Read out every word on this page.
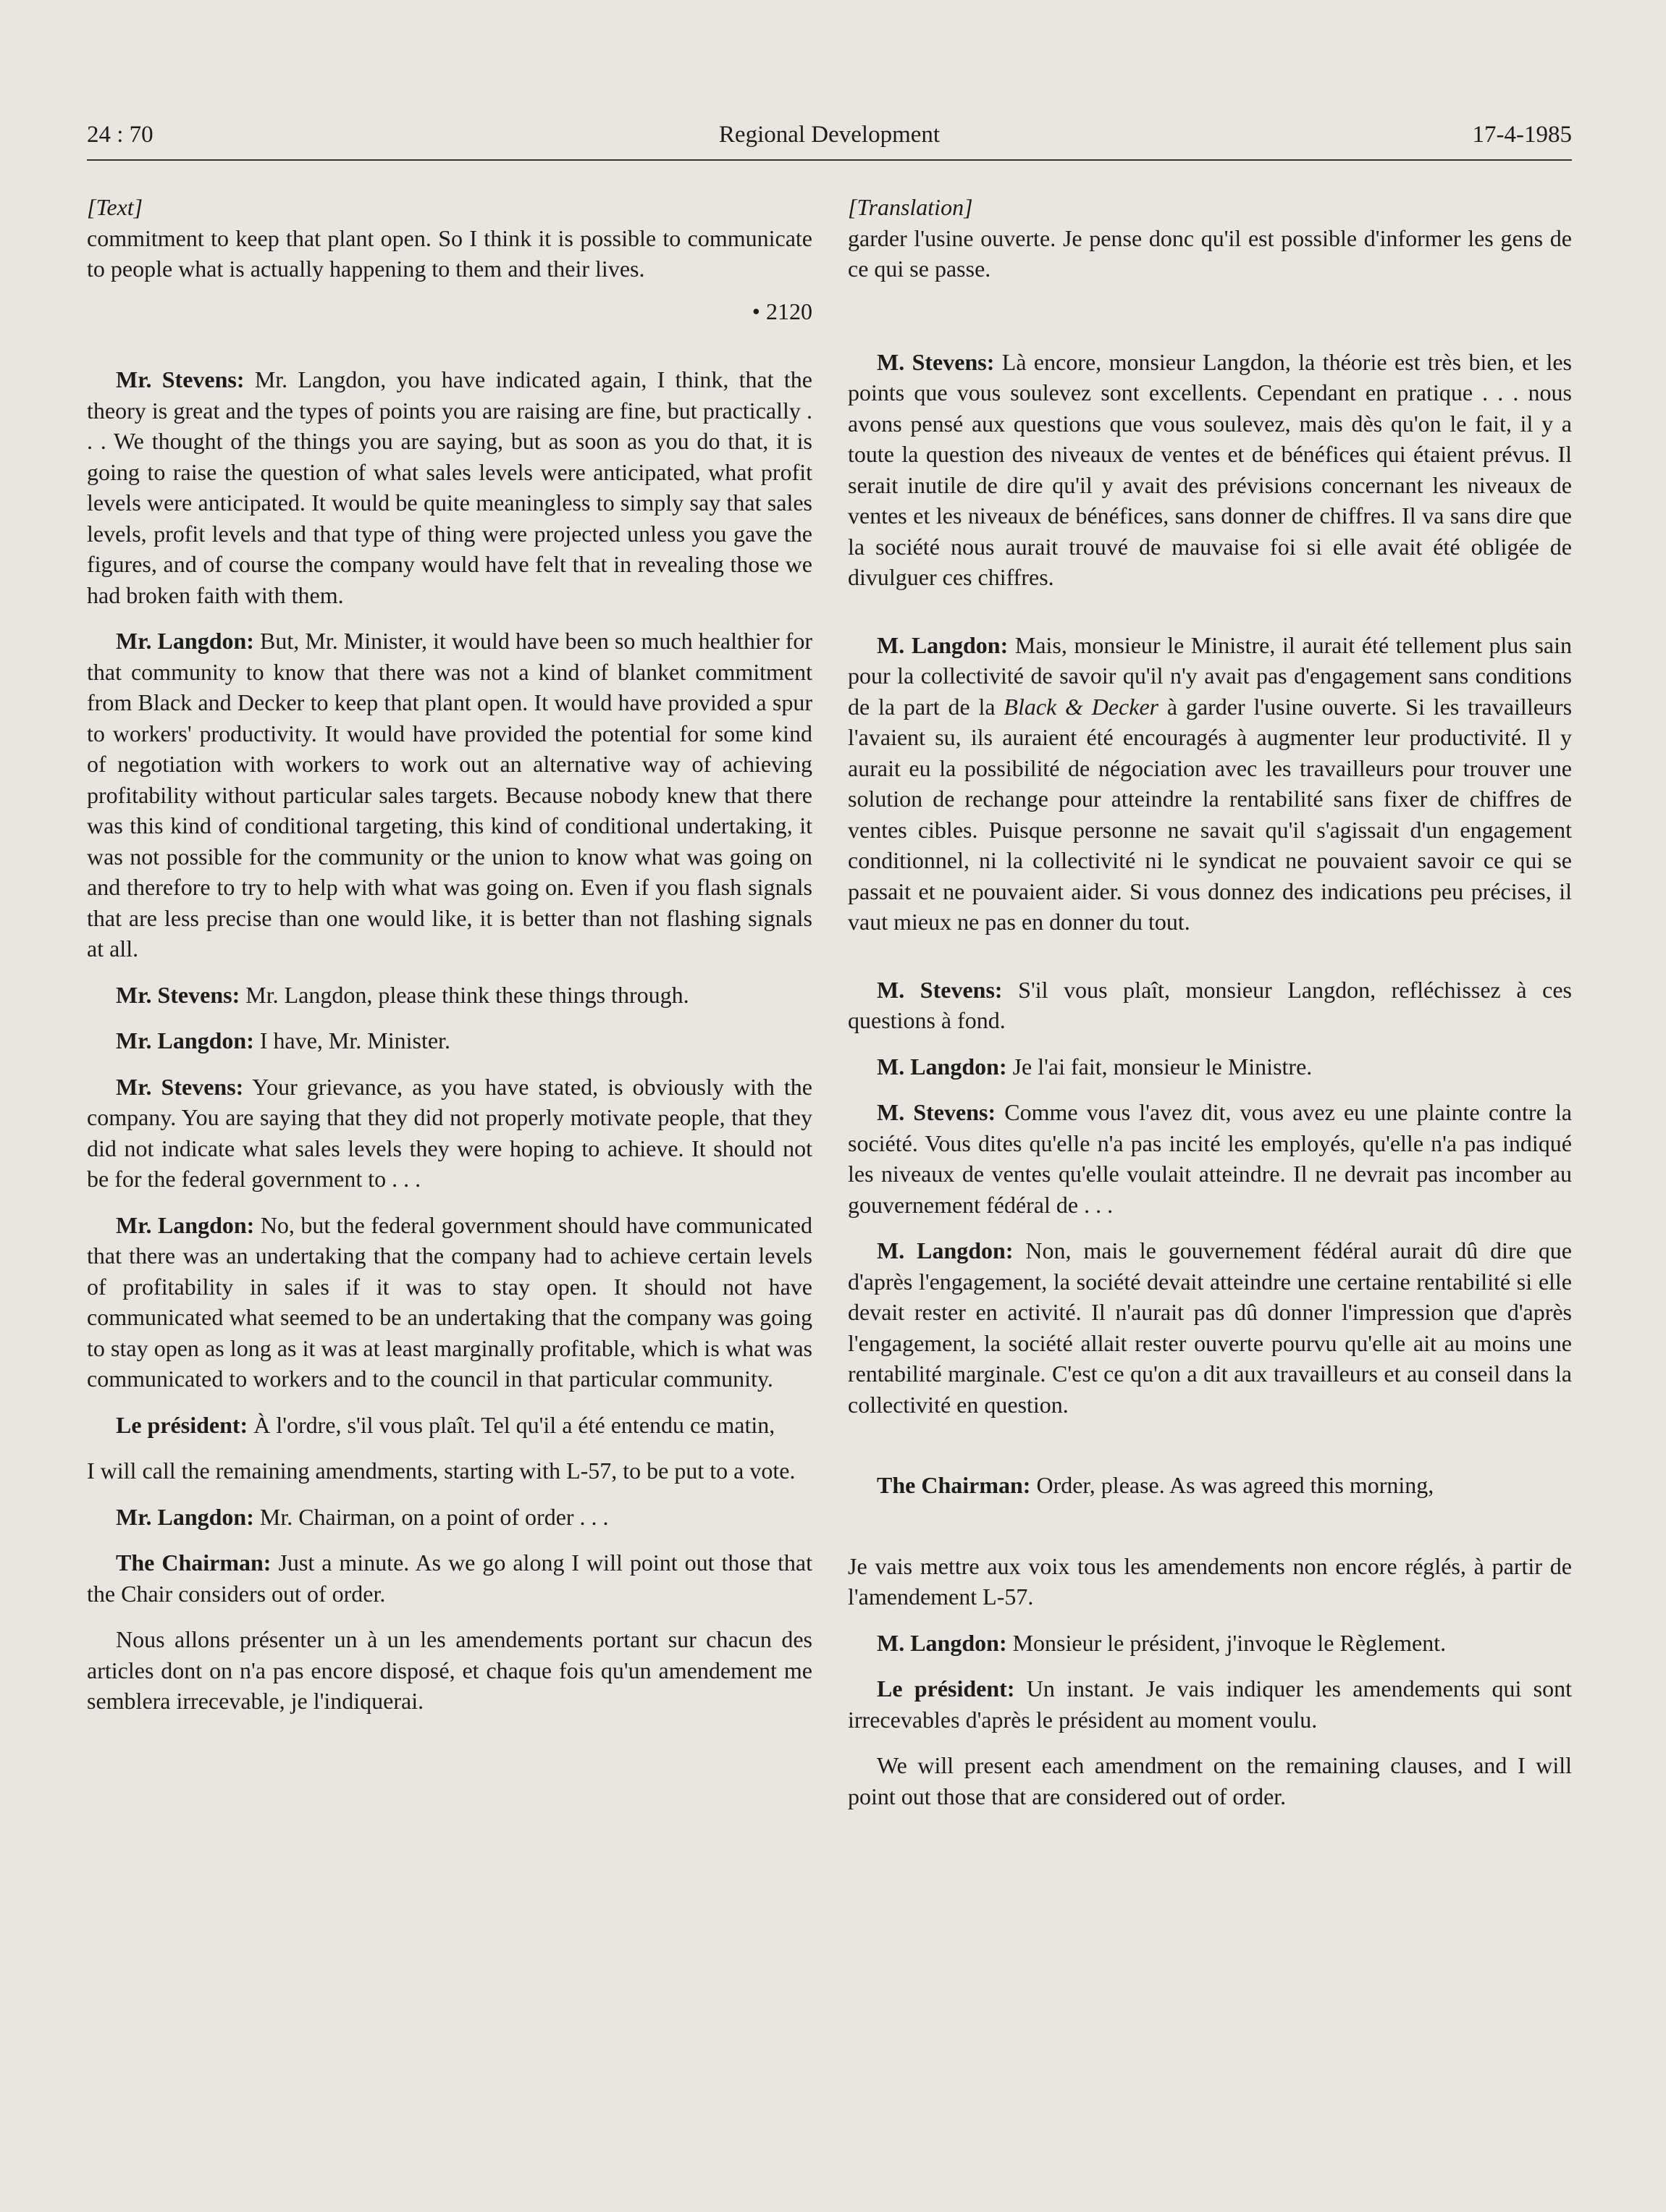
24 : 70	Regional Development	17-4-1985
[Text]

commitment to keep that plant open. So I think it is possible to communicate to people what is actually happening to them and their lives.

• 2120

Mr. Stevens: Mr. Langdon, you have indicated again, I think, that the theory is great and the types of points you are raising are fine, but practically . . . We thought of the things you are saying, but as soon as you do that, it is going to raise the question of what sales levels were anticipated, what profit levels were anticipated. It would be quite meaningless to simply say that sales levels, profit levels and that type of thing were projected unless you gave the figures, and of course the company would have felt that in revealing those we had broken faith with them.

Mr. Langdon: But, Mr. Minister, it would have been so much healthier for that community to know that there was not a kind of blanket commitment from Black and Decker to keep that plant open. It would have provided a spur to workers' productivity. It would have provided the potential for some kind of negotiation with workers to work out an alternative way of achieving profitability without particular sales targets. Because nobody knew that there was this kind of conditional targeting, this kind of conditional undertaking, it was not possible for the community or the union to know what was going on and therefore to try to help with what was going on. Even if you flash signals that are less precise than one would like, it is better than not flashing signals at all.

Mr. Stevens: Mr. Langdon, please think these things through.

Mr. Langdon: I have, Mr. Minister.

Mr. Stevens: Your grievance, as you have stated, is obviously with the company. You are saying that they did not properly motivate people, that they did not indicate what sales levels they were hoping to achieve. It should not be for the federal government to . . .

Mr. Langdon: No, but the federal government should have communicated that there was an undertaking that the company had to achieve certain levels of profitability in sales if it was to stay open. It should not have communicated what seemed to be an undertaking that the company was going to stay open as long as it was at least marginally profitable, which is what was communicated to workers and to the council in that particular community.

Le président: À l'ordre, s'il vous plaît. Tel qu'il a été entendu ce matin,

I will call the remaining amendments, starting with L-57, to be put to a vote.

Mr. Langdon: Mr. Chairman, on a point of order . . .

The Chairman: Just a minute. As we go along I will point out those that the Chair considers out of order.

Nous allons présenter un à un les amendements portant sur chacun des articles dont on n'a pas encore disposé, et chaque fois qu'un amendement me semblera irrecevable, je l'indiquerai.

[Translation]

garder l'usine ouverte. Je pense donc qu'il est possible d'informer les gens de ce qui se passe.

M. Stevens: Là encore, monsieur Langdon, la théorie est très bien, et les points que vous soulevez sont excellents. Cependant en pratique . . . nous avons pensé aux questions que vous soulevez, mais dès qu'on le fait, il y a toute la question des niveaux de ventes et de bénéfices qui étaient prévus. Il serait inutile de dire qu'il y avait des prévisions concernant les niveaux de ventes et les niveaux de bénéfices, sans donner de chiffres. Il va sans dire que la société nous aurait trouvé de mauvaise foi si elle avait été obligée de divulguer ces chiffres.

M. Langdon: Mais, monsieur le Ministre, il aurait été tellement plus sain pour la collectivité de savoir qu'il n'y avait pas d'engagement sans conditions de la part de la Black & Decker à garder l'usine ouverte. Si les travailleurs l'avaient su, ils auraient été encouragés à augmenter leur productivité. Il y aurait eu la possibilité de négociation avec les travailleurs pour trouver une solution de rechange pour atteindre la rentabilité sans fixer de chiffres de ventes cibles. Puisque personne ne savait qu'il s'agissait d'un engagement conditionnel, ni la collectivité ni le syndicat ne pouvaient savoir ce qui se passait et ne pouvaient aider. Si vous donnez des indications peu précises, il vaut mieux ne pas en donner du tout.

M. Stevens: S'il vous plaît, monsieur Langdon, refléchissez à ces questions à fond.

M. Langdon: Je l'ai fait, monsieur le Ministre.

M. Stevens: Comme vous l'avez dit, vous avez eu une plainte contre la société. Vous dites qu'elle n'a pas incité les employés, qu'elle n'a pas indiqué les niveaux de ventes qu'elle voulait atteindre. Il ne devrait pas incomber au gouvernement fédéral de . . .

M. Langdon: Non, mais le gouvernement fédéral aurait dû dire que d'après l'engagement, la société devait atteindre une certaine rentabilité si elle devait rester en activité. Il n'aurait pas dû donner l'impression que d'après l'engagement, la société allait rester ouverte pourvu qu'elle ait au moins une rentabilité marginale. C'est ce qu'on a dit aux travailleurs et au conseil dans la collectivité en question.

The Chairman: Order, please. As was agreed this morning,

Je vais mettre aux voix tous les amendements non encore réglés, à partir de l'amendement L-57.

M. Langdon: Monsieur le président, j'invoque le Règlement.

Le président: Un instant. Je vais indiquer les amendements qui sont irrecevables d'après le président au moment voulu.

We will present each amendment on the remaining clauses, and I will point out those that are considered out of order.
